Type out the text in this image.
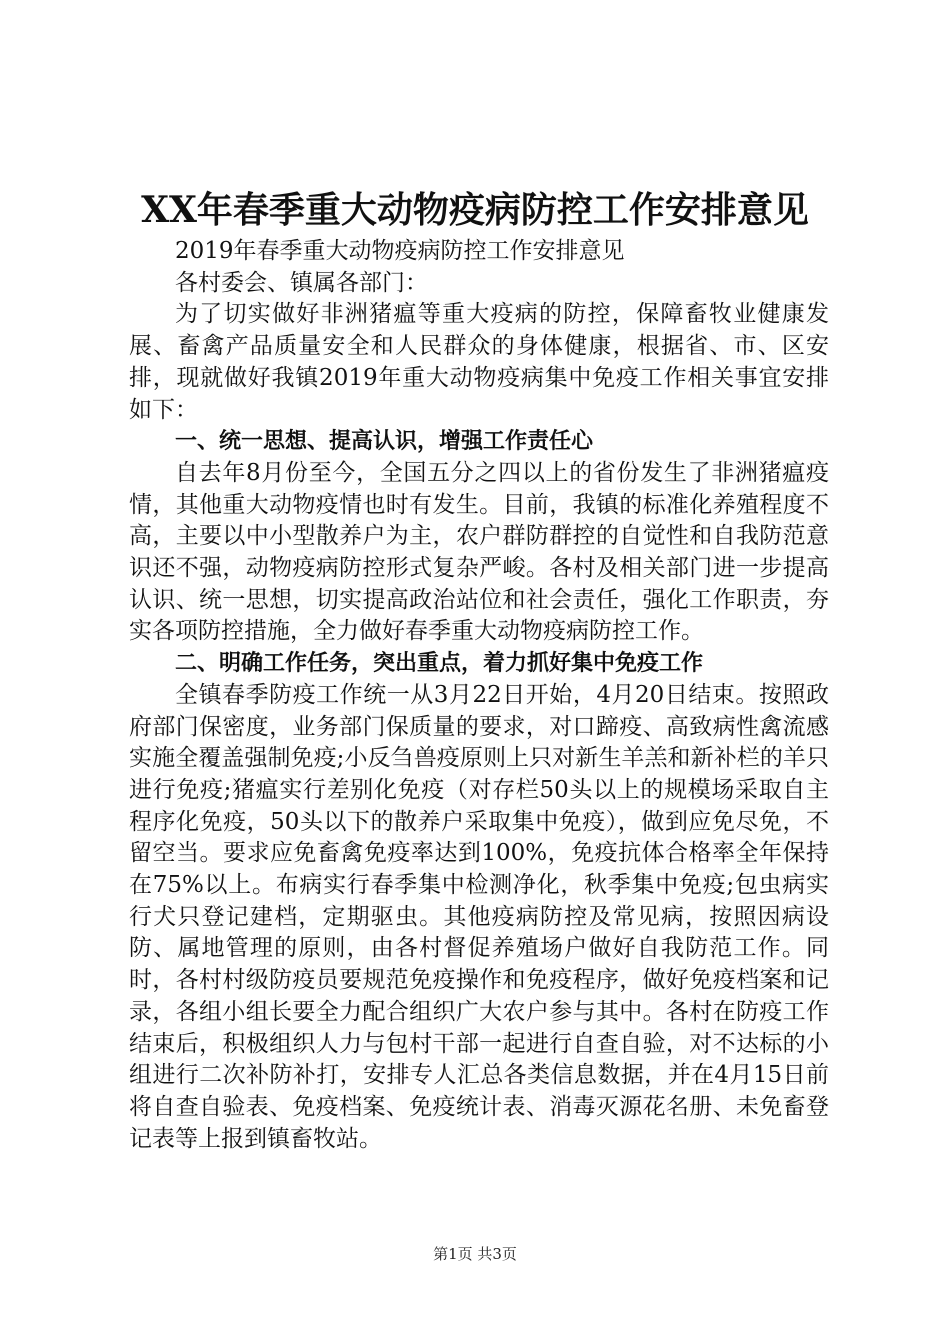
XX年春季重大动物疫病防控工作安排意见

2019年春季重大动物疫病防控工作安排意见

各村委会、镇属各部门：

为了切实做好非洲猪瘟等重大疫病的防控，保障畜牧业健康发展、畜禽产品质量安全和人民群众的身体健康，根据省、市、区安排，现就做好我镇2019年重大动物疫病集中免疫工作相关事宜安排如下：

一、统一思想、提高认识，增强工作责任心

自去年8月份至今，全国五分之四以上的省份发生了非洲猪瘟疫情，其他重大动物疫情也时有发生。目前，我镇的标准化养殖程度不高，主要以中小型散养户为主，农户群防群控的自觉性和自我防范意识还不强，动物疫病防控形式复杂严峻。各村及相关部门进一步提高认识、统一思想，切实提高政治站位和社会责任，强化工作职责，夯实各项防控措施，全力做好春季重大动物疫病防控工作。

二、明确工作任务，突出重点，着力抓好集中免疫工作

全镇春季防疫工作统一从3月22日开始，4月20日结束。按照政府部门保密度，业务部门保质量的要求，对口蹄疫、高致病性禽流感实施全覆盖强制免疫;小反刍兽疫原则上只对新生羊羔和新补栏的羊只进行免疫;猪瘟实行差别化免疫（对存栏50头以上的规模场采取自主程序化免疫，50头以下的散养户采取集中免疫），做到应免尽免，不留空当。要求应免畜禽免疫率达到100%，免疫抗体合格率全年保持在75%以上。布病实行春季集中检测净化，秋季集中免疫;包虫病实行犬只登记建档，定期驱虫。其他疫病防控及常见病，按照因病设防、属地管理的原则，由各村督促养殖场户做好自我防范工作。同时，各村村级防疫员要规范免疫操作和免疫程序，做好免疫档案和记录，各组小组长要全力配合组织广大农户参与其中。各村在防疫工作结束后，积极组织人力与包村干部一起进行自查自验，对不达标的小组进行二次补防补打，安排专人汇总各类信息数据，并在4月15日前将自查自验表、免疫档案、免疫统计表、消毒灭源花名册、未免畜登记表等上报到镇畜牧站。

第1页 共3页
